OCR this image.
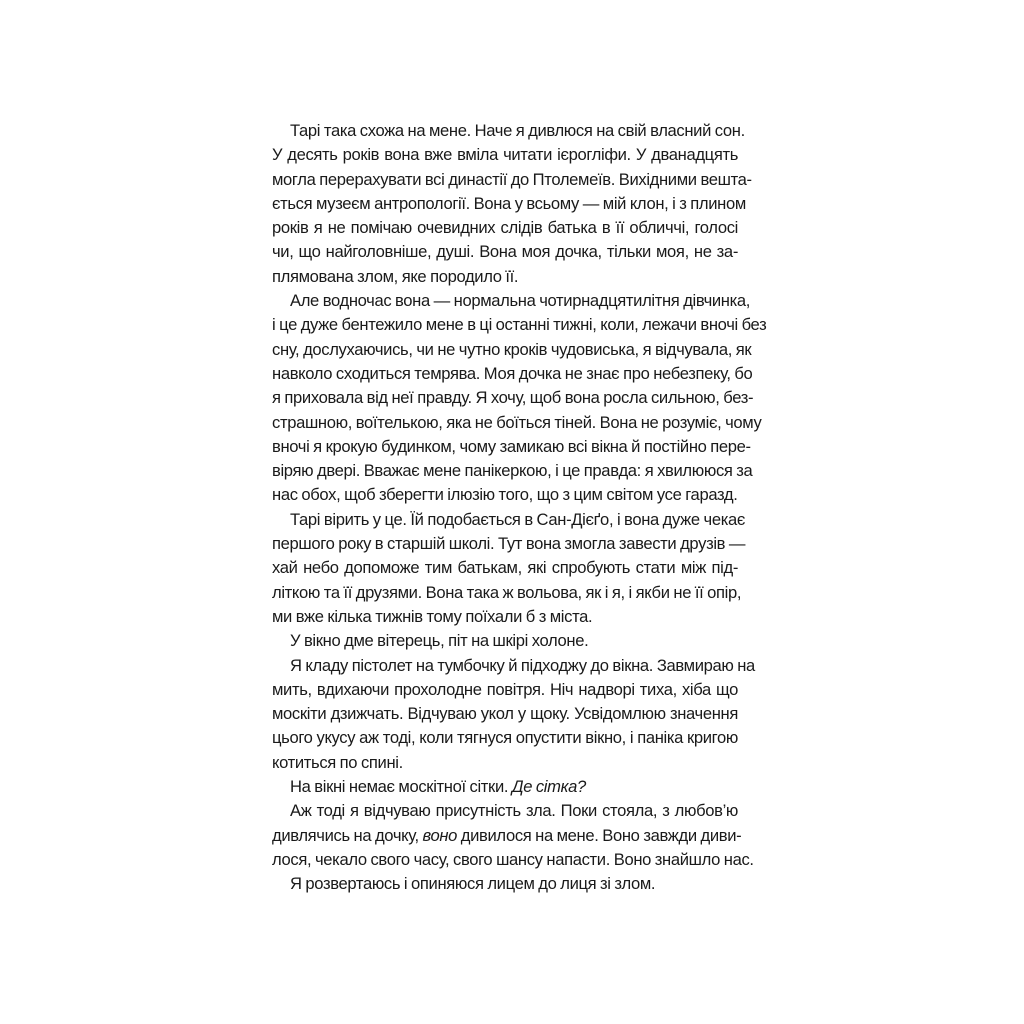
Тарі така схожа на мене. Наче я дивлюся на свій власний сон.
У десять років вона вже вміла читати ієрогліфи. У дванадцять
могла перерахувати всі династії до Птолемеїв. Вихідними вешта-
ється музеєм антропології. Вона у всьому — мій клон, і з плином
років я не помічаю очевидних слідів батька в її обличчі, голосі
чи, що найголовніше, душі. Вона моя дочка, тільки моя, не за-
плямована злом, яке породило її.

Але водночас вона — нормальна чотирнадцятилітня дівчинка,
і це дуже бентежило мене в ці останні тижні, коли, лежачи вночі без
сну, дослухаючись, чи не чутно кроків чудовиська, я відчувала, як
навколо сходиться темрява. Моя дочка не знає про небезпеку, бо
я приховала від неї правду. Я хочу, щоб вона росла сильною, без-
страшною, воїтелькою, яка не боїться тіней. Вона не розуміє, чому
вночі я крокую будинком, чому замикаю всі вікна й постійно пере-
віряю двері. Вважає мене панікеркою, і це правда: я хвилююся за
нас обох, щоб зберегти ілюзію того, що з цим світом усе гаразд.

Тарі вірить у це. Їй подобається в Сан-Дієґо, і вона дуже чекає
першого року в старшій школі. Тут вона змогла завести друзів —
хай небо допоможе тим батькам, які спробують стати між під-
літкою та її друзями. Вона така ж вольова, як і я, і якби не її опір,
ми вже кілька тижнів тому поїхали б з міста.

У вікно дме вітерець, піт на шкірі холоне.

Я кладу пістолет на тумбочку й підходжу до вікна. Завмираю на
мить, вдихаючи прохолодне повітря. Ніч надворі тиха, хіба що
москіти дзижчать. Відчуваю укол у щоку. Усвідомлюю значення
цього укусу аж тоді, коли тягнуся опустити вікно, і паніка кригою
котиться по спині.

На вікні немає москітної сітки. Де сітка?

Аж тоді я відчуваю присутність зла. Поки стояла, з любов’ю
дивлячись на дочку, воно дивилося на мене. Воно завжди диви-
лося, чекало свого часу, свого шансу напасти. Воно знайшло нас.

Я розвертаюсь і опиняюся лицем до лиця зі злом.
